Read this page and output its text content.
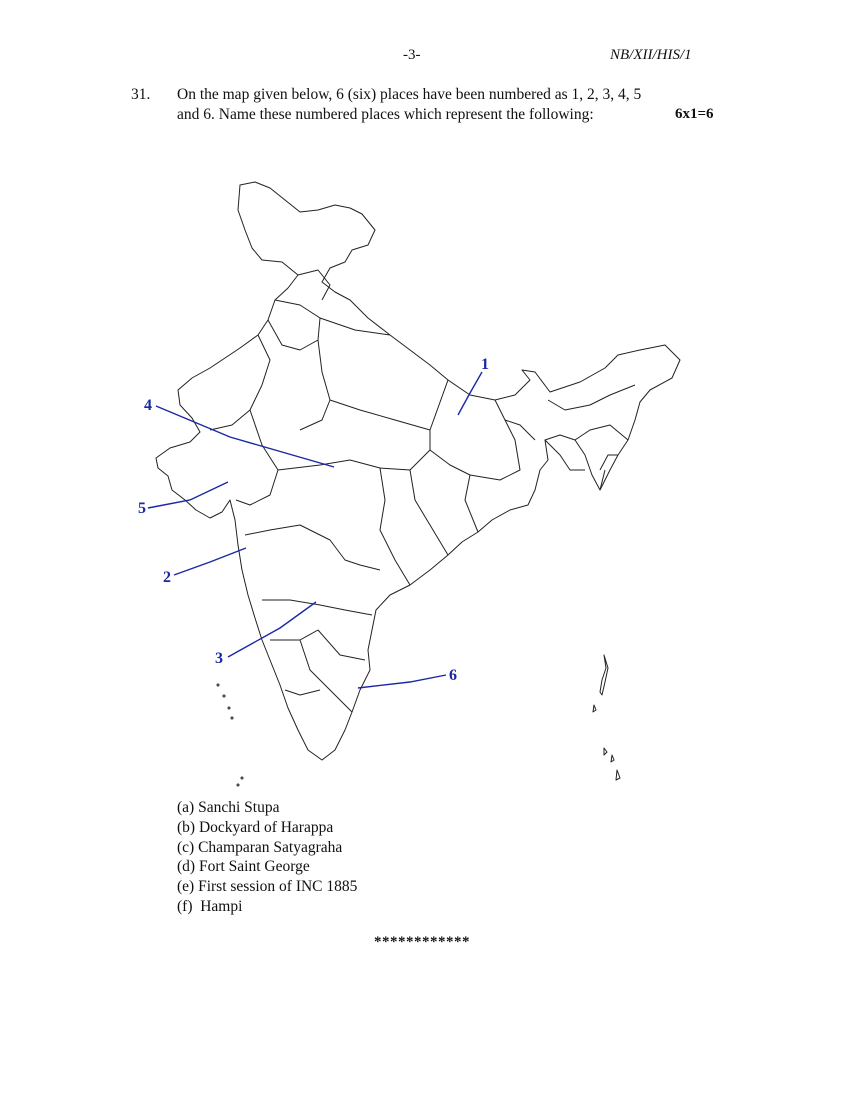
-3-	NB/XII/HIS/1
31. On the map given below, 6 (six) places have been numbered as 1, 2, 3, 4, 5
and 6. Name these numbered places which represent the following:	6x1=6
1
2
3
4
5
6
(a) Sanchi Stupa
(b) Dockyard of Harappa
(c) Champaran Satyagraha
(d) Fort Saint George
(e) First session of INC 1885
(f)  Hampi
************
